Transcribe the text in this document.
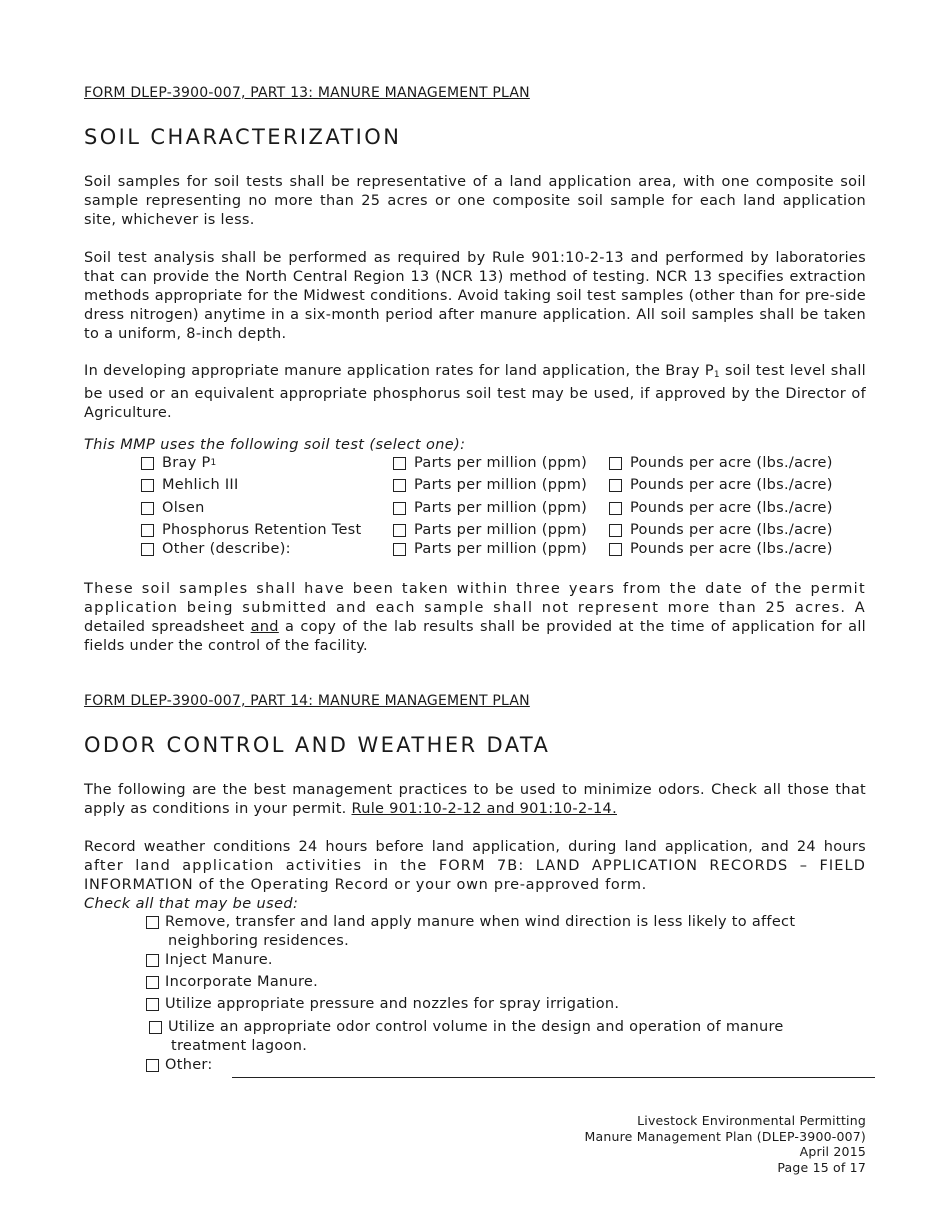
FORM DLEP-3900-007, PART 13: MANURE MANAGEMENT PLAN
SOIL CHARACTERIZATION
Soil samples for soil tests shall be representative of a land application area, with one composite soil sample representing no more than 25 acres or one composite soil sample for each land application site, whichever is less.
Soil test analysis shall be performed as required by Rule 901:10-2-13 and performed by laboratories that can provide the North Central Region 13 (NCR 13) method of testing. NCR 13 specifies extraction methods appropriate for the Midwest conditions. Avoid taking soil test samples (other than for pre-side dress nitrogen) anytime in a six-month period after manure application. All soil samples shall be taken to a uniform, 8-inch depth.
In developing appropriate manure application rates for land application, the Bray $P_1$ soil test level shall be used or an equivalent appropriate phosphorus soil test may be used, if approved by the Director of Agriculture.
This MMP uses the following soil test (select one):
Bray P 1	Parts per million (ppm)	Pounds per acre (lbs./acre)
Mehlich III	Parts per million (ppm)	Pounds per acre (lbs./acre)
Olsen	Parts per million (ppm)	Pounds per acre (lbs./acre)
Phosphorus Retention Test	Parts per million (ppm)	Pounds per acre (lbs./acre)
Other (describe):	Parts per million (ppm)	Pounds per acre (lbs./acre)
These soil samples shall have been taken within three years from the date of the permit
application being submitted and each sample shall not represent more than 25 acres. A
detailed spreadsheet and a copy of the lab results shall be provided at the time of application for all fields under the control of the facility.
FORM DLEP-3900-007, PART 14: MANURE MANAGEMENT PLAN
ODOR CONTROL AND WEATHER DATA
The following are the best management practices to be used to minimize odors. Check all those that apply as conditions in your permit. Rule 901:10-2-12 and 901:10-2-14.
Record weather conditions 24 hours before land application, during land application, and 24 hours
after land application activities in the FORM 7B: LAND APPLICATION RECORDS – FIELD
INFORMATION of the Operating Record or your own pre-approved form.
Check all that may be used:
Remove, transfer and land apply manure when wind direction is less likely to affect
neighboring residences.
Inject Manure.
Incorporate Manure.
Utilize appropriate pressure and nozzles for spray irrigation.
Utilize an appropriate odor control volume in the design and operation of manure
treatment lagoon.
Other:
Livestock Environmental Permitting
Manure Management Plan (DLEP-3900-007)
April 2015
Page 15 of 17
